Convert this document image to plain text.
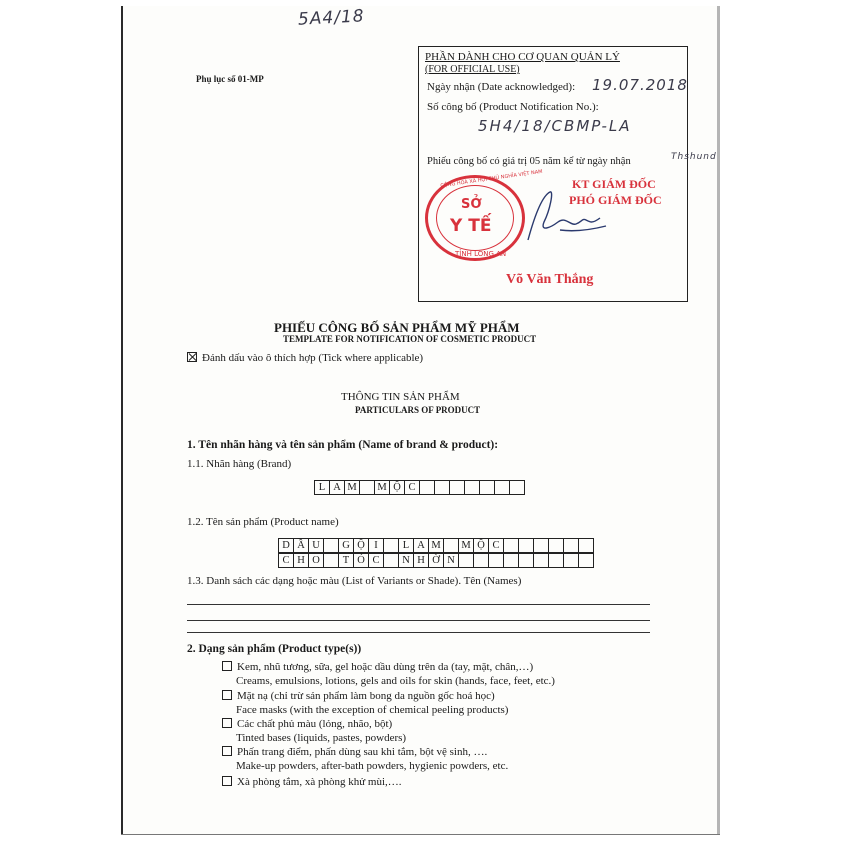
5A4/18
Phụ lục số 01-MP
PHẦN DÀNH CHO CƠ QUAN QUẢN LÝ
(FOR OFFICIAL USE)
Ngày nhận (Date acknowledged): 19.07.2018
Số công bố (Product Notification No.):
5H4/18/CBMP-LA
Phiếu công bố có giá trị 05 năm kể từ ngày nhận	Thshund
CỘNG HOÀ XÃ HỘI CHỦ NGHĨA VIỆT NAM
SỞ
Y TẾ
TỈNH LONG AN
KT GIÁM ĐỐC
PHÓ GIÁM ĐỐC
Võ Văn Thắng
PHIẾU CÔNG BỐ SẢN PHẨM MỸ PHẨM
TEMPLATE FOR NOTIFICATION OF COSMETIC PRODUCT
Đánh dấu vào ô thích hợp (Tick where applicable)
THÔNG TIN SẢN PHẨM
PARTICULARS OF PRODUCT
1. Tên nhãn hàng và tên sản phẩm (Name of brand & product):
1.1. Nhãn hàng (Brand)
L A M	M Ộ C
1.2. Tên sản phẩm (Product name)
D Ầ U	G Ộ I	L A M	M Ộ C
C H O	T Ó C	N H Ờ N
1.3. Danh sách các dạng hoặc màu (List of Variants or Shade). Tên (Names)
2. Dạng sản phẩm (Product type(s))
Kem, nhũ tương, sữa, gel hoặc dầu dùng trên da (tay, mặt, chân,…)
Creams, emulsions, lotions, gels and oils for skin (hands, face, feet, etc.)
Mặt nạ (chỉ trừ sản phẩm làm bong da nguồn gốc hoá học)
Face masks (with the exception of chemical peeling products)
Các chất phủ màu (lỏng, nhão, bột)
Tinted bases (liquids, pastes, powders)
Phấn trang điểm, phấn dùng sau khi tắm, bột vệ sinh, ….
Make-up powders, after-bath powders, hygienic powders, etc.
Xà phòng tắm, xà phòng khử mùi,….
